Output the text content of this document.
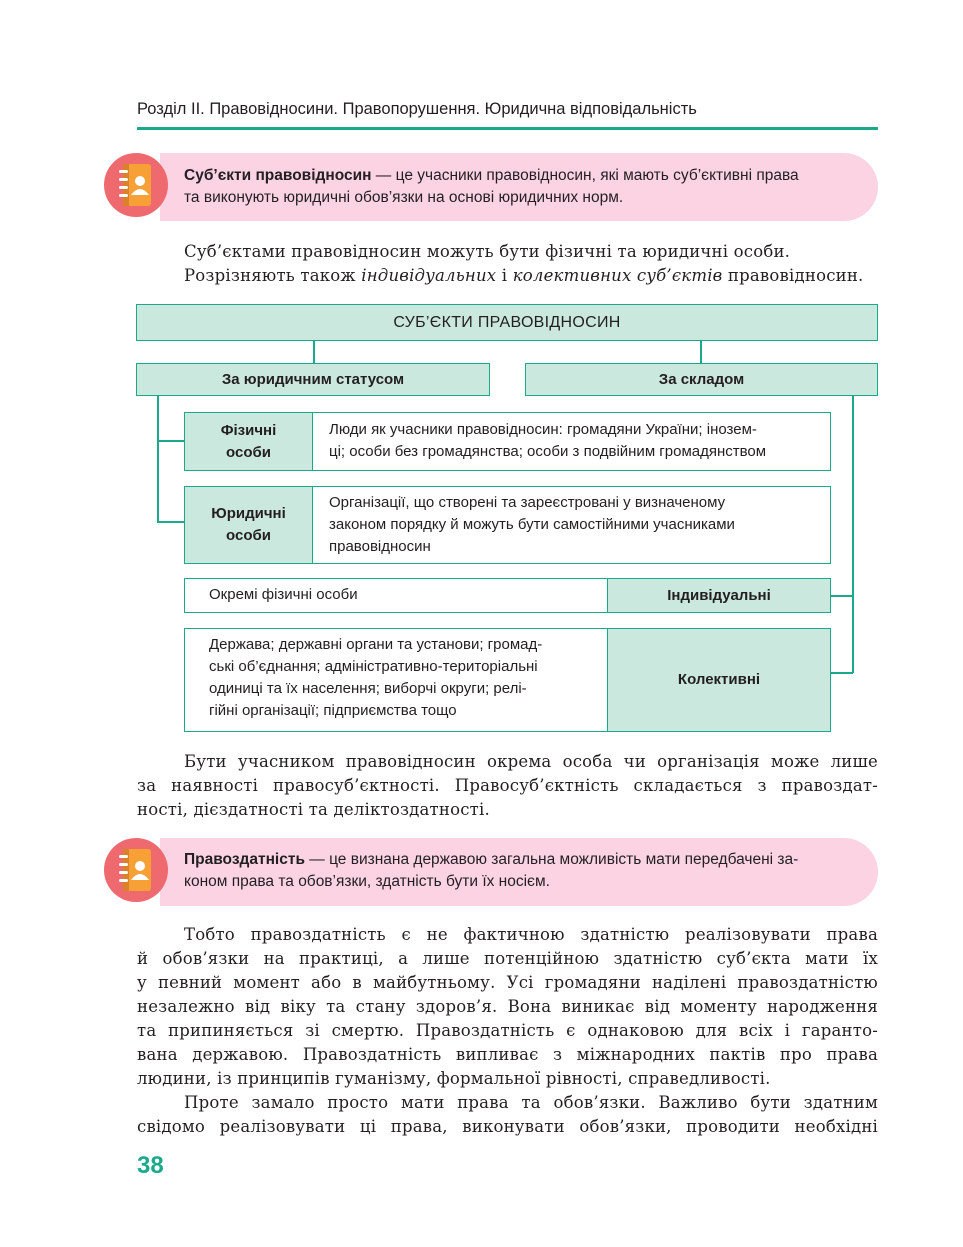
Розділ ІІ. Правовідносини. Правопорушення. Юридична відповідальність
Суб’єкти правовідносин — це учасники правовідносин, які мають суб’єктивні права
та виконують юридичні обов’язки на основі юридичних норм.
Суб’єктами правовідносин можуть бути фізичні та юридичні особи.
Розрізняють також індивідуальних і колективних суб’єктів правовідносин.
СУБ’ЄКТИ ПРАВОВІДНОСИН
За юридичним статусом	За складом
Фізичні
особи
Люди як учасники правовідносин: громадяни України; інозем-
ці; особи без громадянства; особи з подвійним громадянством
Юридичні
особи
Організації, що створені та зареєстровані у визначеному
законом порядку й можуть бути самостійними учасниками
правовідносин
Окремі фізичні особи	Індивідуальні
Держава; державні органи та установи; громад-
ські об’єднання; адміністративно-територіальні
одиниці та їх населення; виборчі округи; релі-
гійні організації; підприємства тощо
Колективні
Бути учасником правовідносин окрема особа чи організація може лише
за наявності правосуб’єктності. Правосуб’єктність складається з правоздат-
ності, дієздатності та деліктоздатності.
Правоздатність — це визнана державою загальна можливість мати передбачені за-
коном права та обов’язки, здатність бути їх носієм.
Тобто правоздатність є не фактичною здатністю реалізовувати права
й обов’язки на практиці, а лише потенційною здатністю суб’єкта мати їх
у певний момент або в майбутньому. Усі громадяни наділені правоздатністю
незалежно від віку та стану здоров’я. Вона виникає від моменту народження
та припиняється зі смертю. Правоздатність є однаковою для всіх і гаранто-
вана державою. Правоздатність випливає з міжнародних пактів про права
людини, із принципів гуманізму, формальної рівності, справедливості.
Проте замало просто мати права та обов’язки. Важливо бути здатним
свідомо реалізовувати ці права, виконувати обов’язки, проводити необхідні
38
